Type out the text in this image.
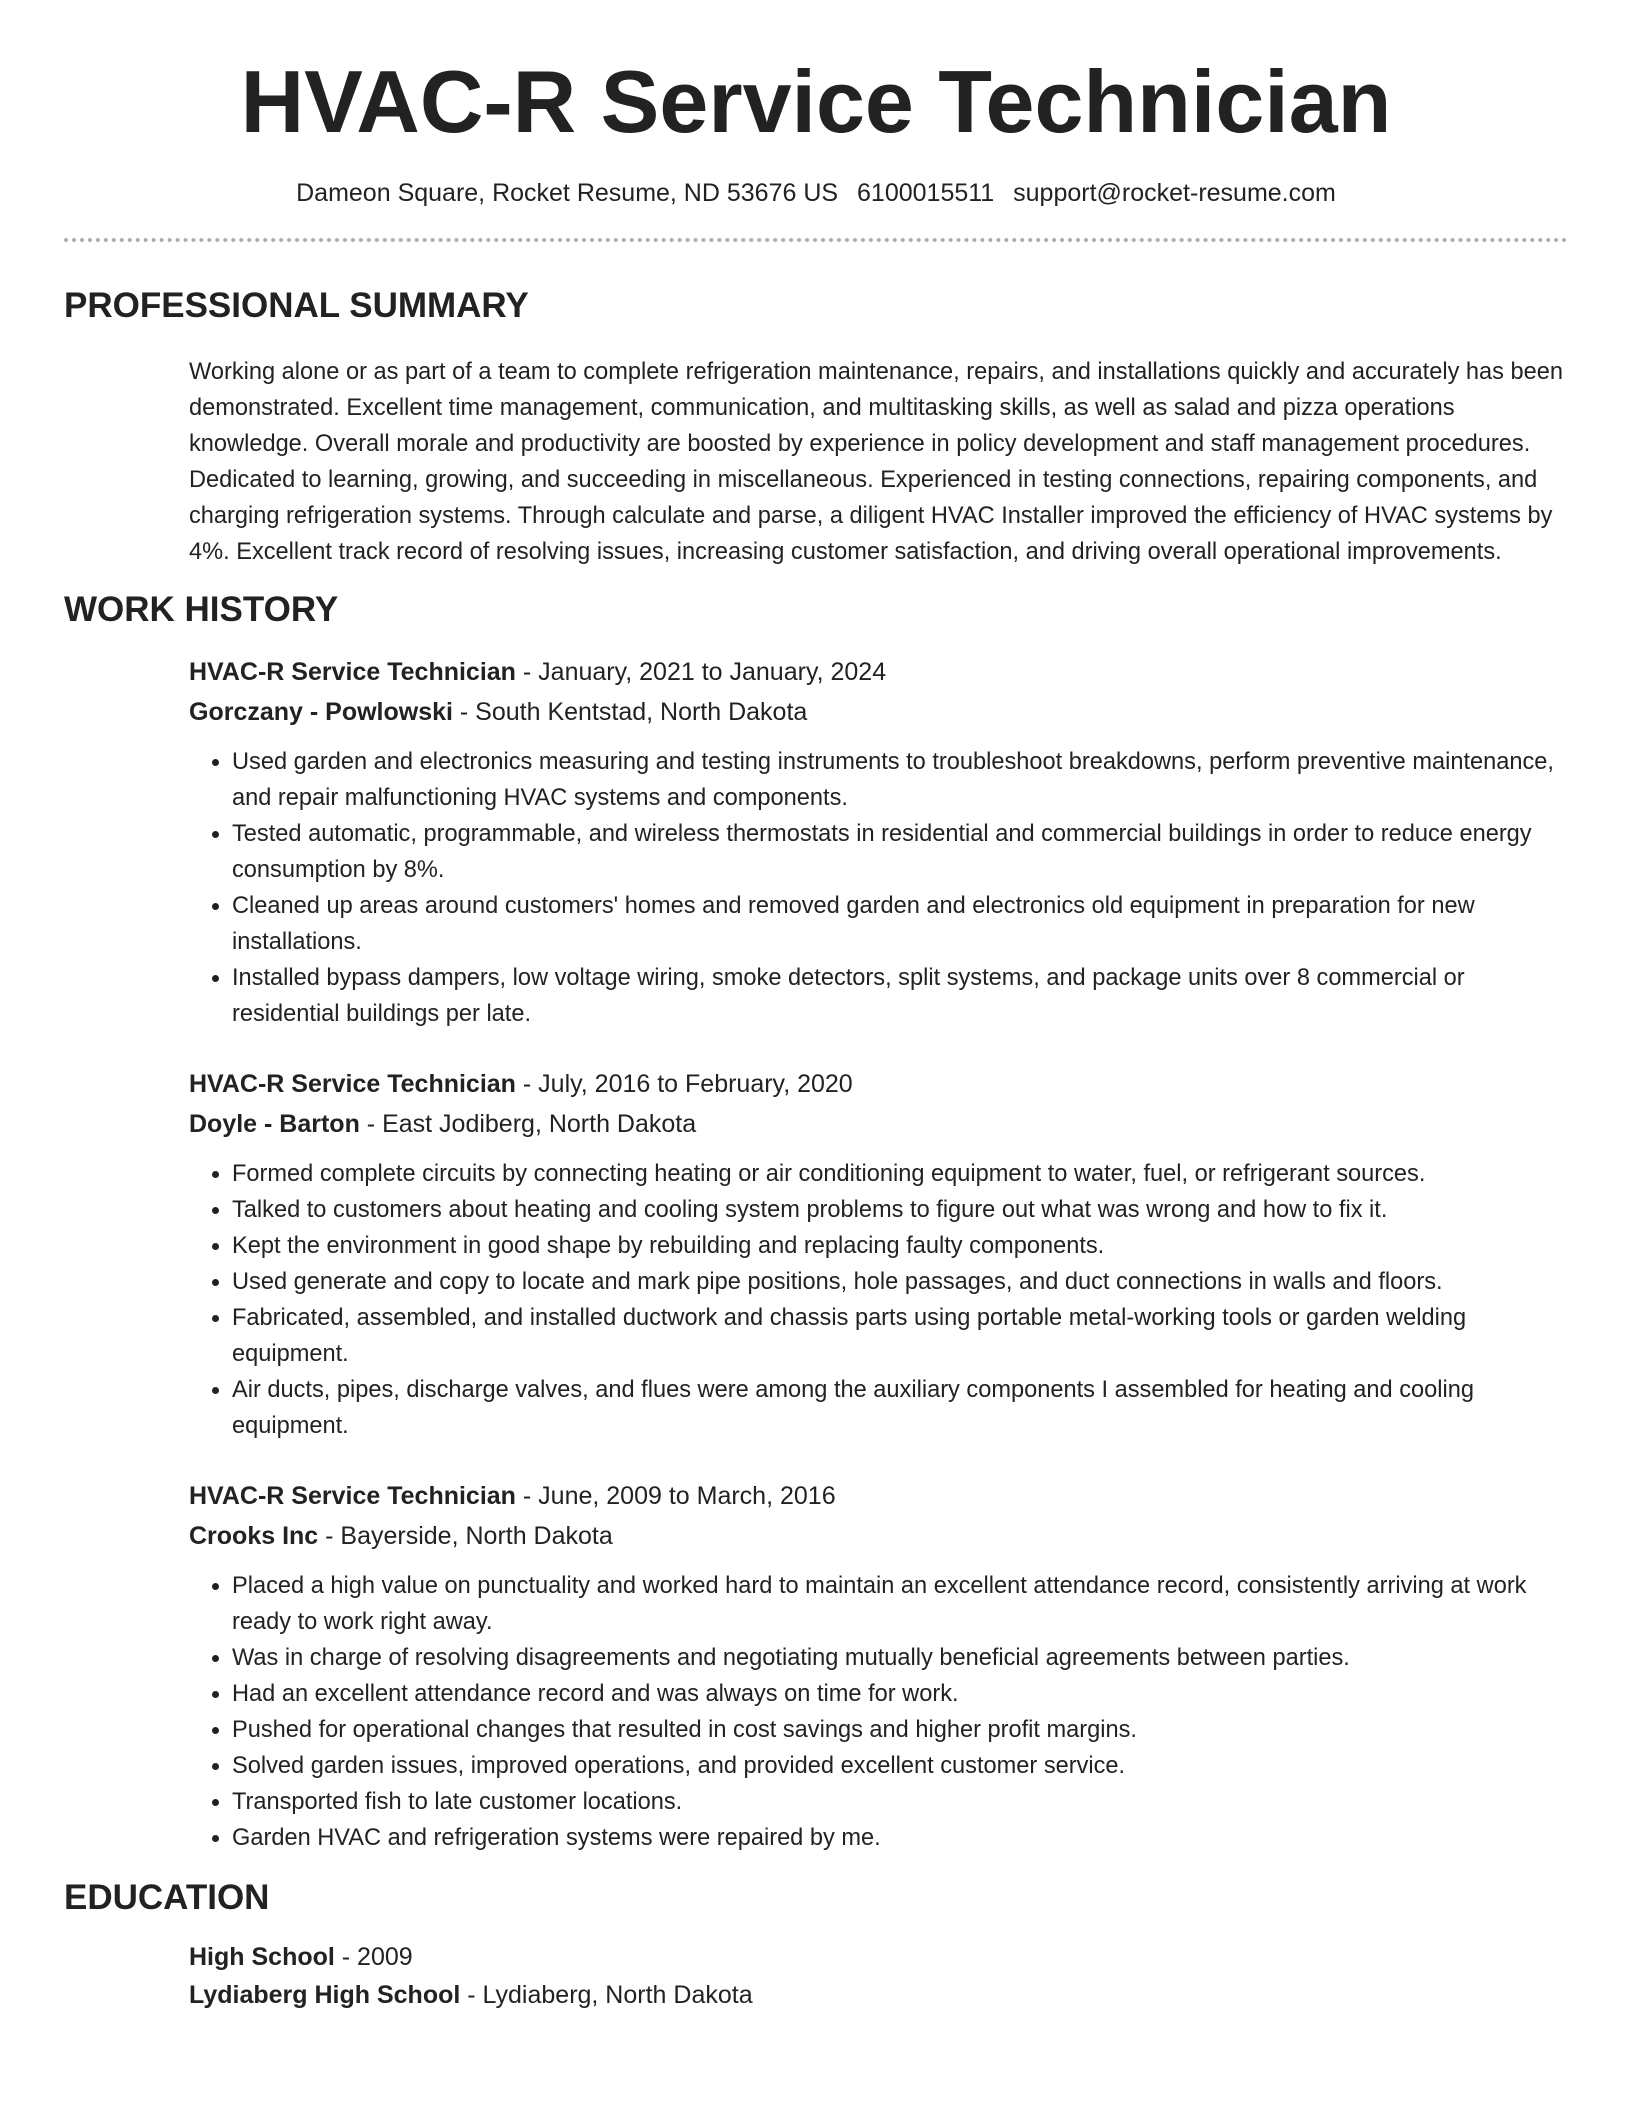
HVAC-R Service Technician
Dameon Square, Rocket Resume, ND 53676 US 6100015511 support@rocket-resume.com
PROFESSIONAL SUMMARY

Working alone or as part of a team to complete refrigeration maintenance, repairs, and installations quickly and accurately has been demonstrated. Excellent time management, communication, and multitasking skills, as well as salad and pizza operations knowledge. Overall morale and productivity are boosted by experience in policy development and staff management procedures. Dedicated to learning, growing, and succeeding in miscellaneous. Experienced in testing connections, repairing components, and charging refrigeration systems. Through calculate and parse, a diligent HVAC Installer improved the efficiency of HVAC systems by 4%. Excellent track record of resolving issues, increasing customer satisfaction, and driving overall operational improvements.

WORK HISTORY

HVAC-R Service Technician - January, 2021 to January, 2024

Gorczany - Powlowski - South Kentstad, North Dakota

• Used garden and electronics measuring and testing instruments to troubleshoot breakdowns, perform preventive maintenance, and repair malfunctioning HVAC systems and components.
• Tested automatic, programmable, and wireless thermostats in residential and commercial buildings in order to reduce energy consumption by 8%.
• Cleaned up areas around customers' homes and removed garden and electronics old equipment in preparation for new installations.
• Installed bypass dampers, low voltage wiring, smoke detectors, split systems, and package units over 8 commercial or residential buildings per late.

HVAC-R Service Technician - July, 2016 to February, 2020

Doyle - Barton - East Jodiberg, North Dakota

• Formed complete circuits by connecting heating or air conditioning equipment to water, fuel, or refrigerant sources.
• Talked to customers about heating and cooling system problems to figure out what was wrong and how to fix it.
• Kept the environment in good shape by rebuilding and replacing faulty components.
• Used generate and copy to locate and mark pipe positions, hole passages, and duct connections in walls and floors.
• Fabricated, assembled, and installed ductwork and chassis parts using portable metal-working tools or garden welding equipment.
• Air ducts, pipes, discharge valves, and flues were among the auxiliary components I assembled for heating and cooling equipment.

HVAC-R Service Technician - June, 2009 to March, 2016

Crooks Inc - Bayerside, North Dakota

• Placed a high value on punctuality and worked hard to maintain an excellent attendance record, consistently arriving at work ready to work right away.
• Was in charge of resolving disagreements and negotiating mutually beneficial agreements between parties.
• Had an excellent attendance record and was always on time for work.
• Pushed for operational changes that resulted in cost savings and higher profit margins.
• Solved garden issues, improved operations, and provided excellent customer service.
• Transported fish to late customer locations.
• Garden HVAC and refrigeration systems were repaired by me.
EDUCATION

High School - 2009

Lydiaberg High School - Lydiaberg, North Dakota
